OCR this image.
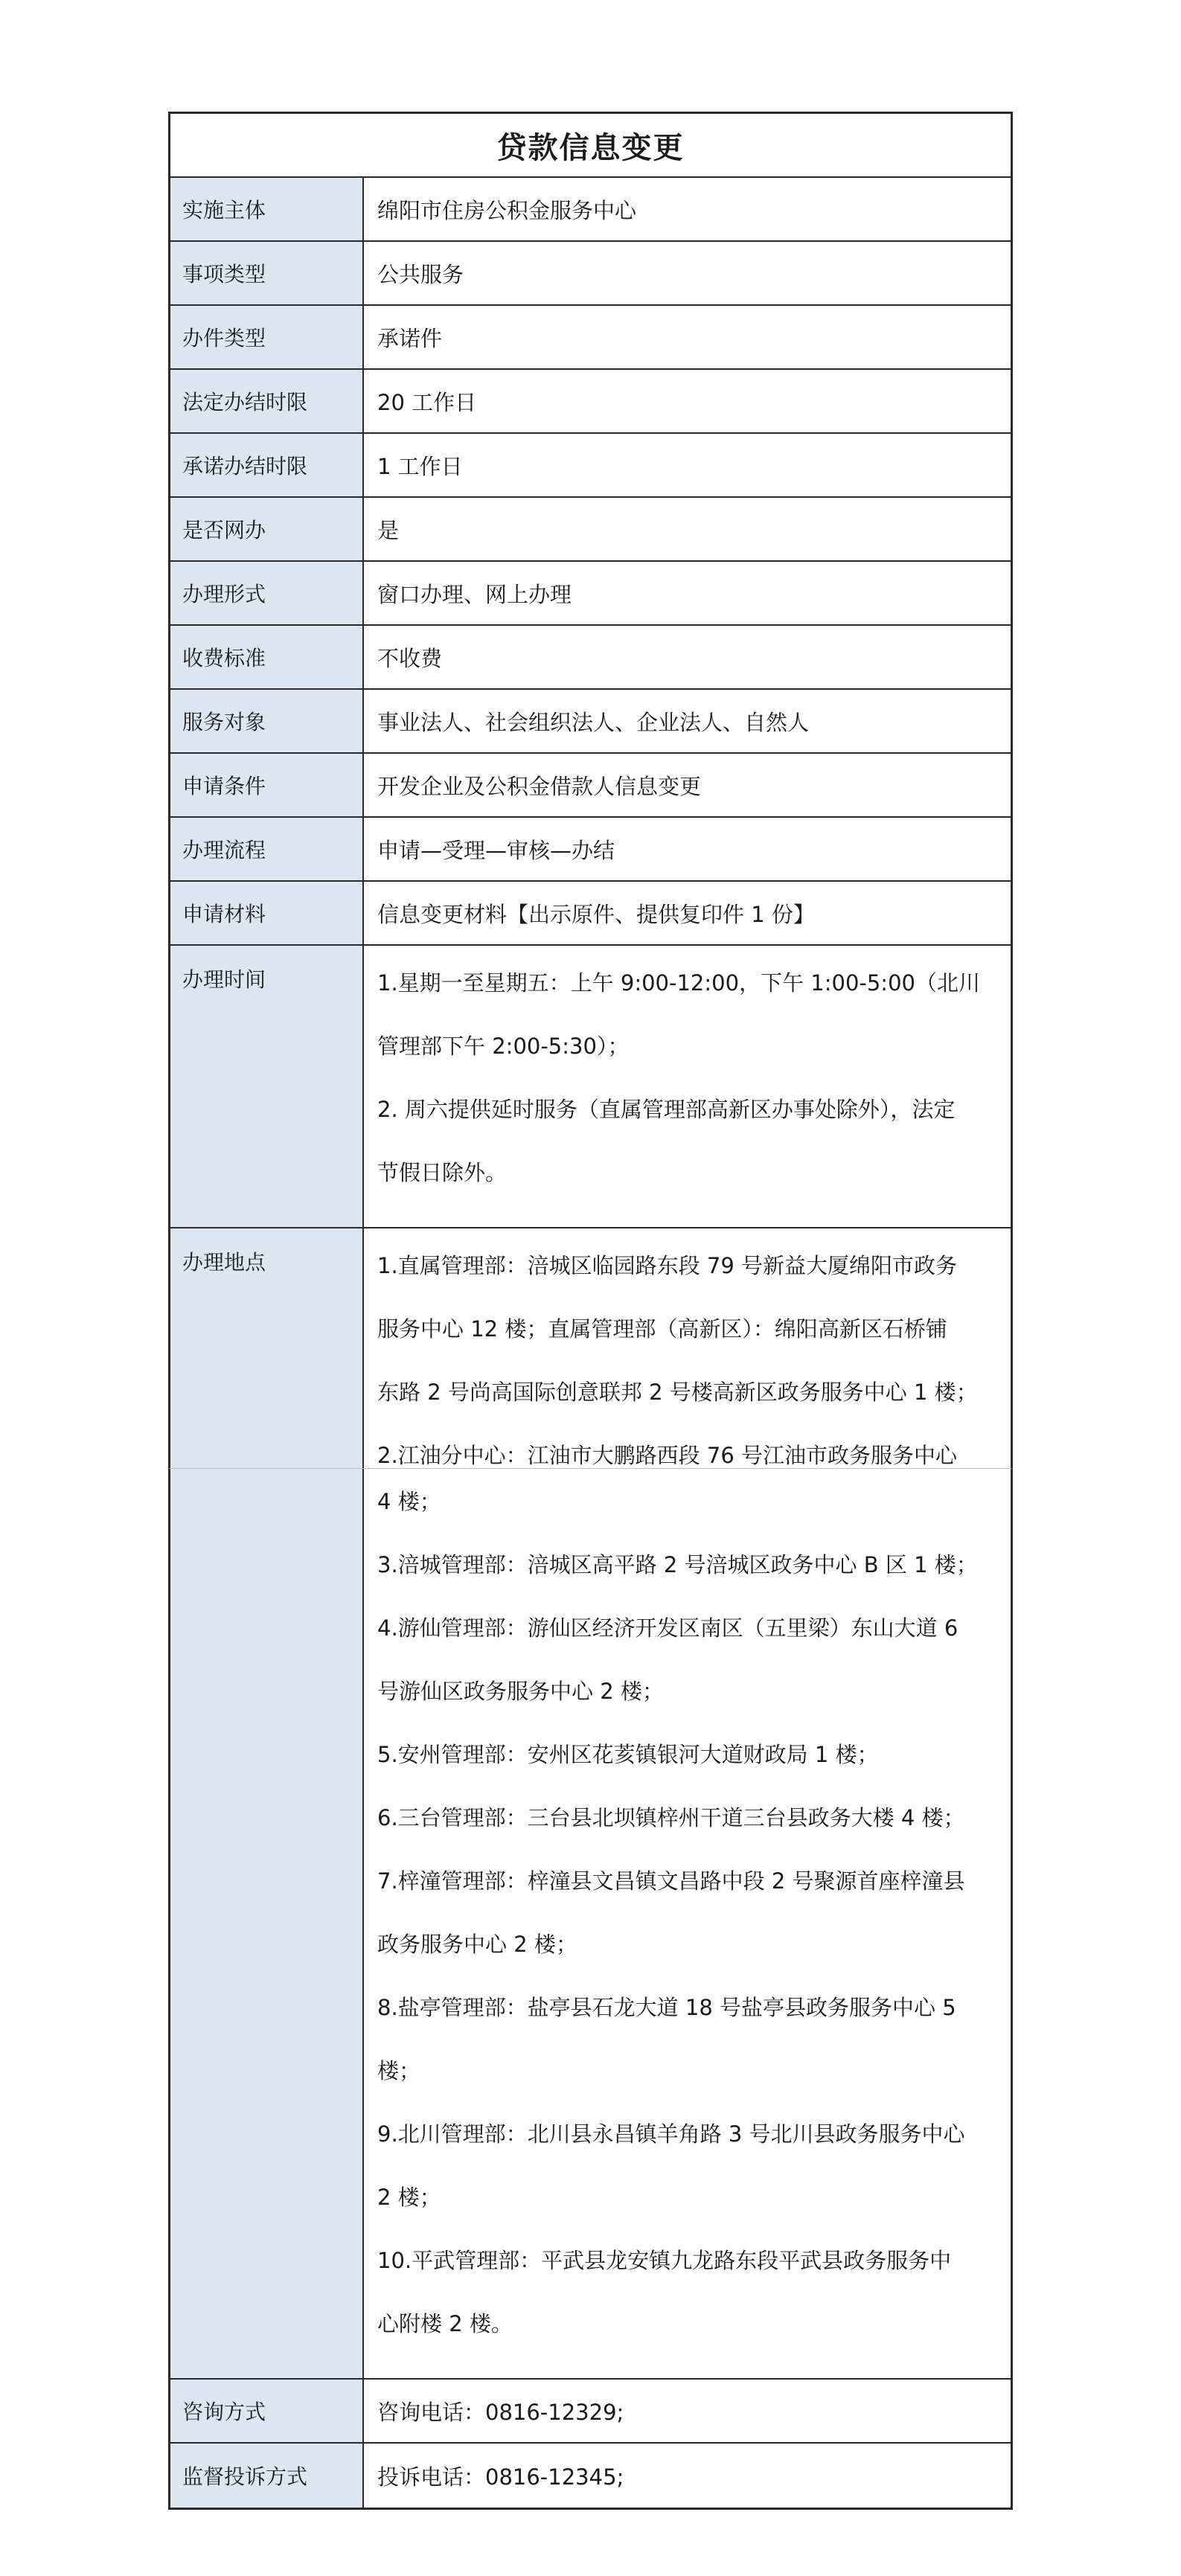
贷款信息变更
实施主体	绵阳市住房公积金服务中心
事项类型	公共服务
办件类型	承诺件
法定办结时限	20 工作日
承诺办结时限	1 工作日
是否网办	是
办理形式	窗口办理、网上办理
收费标准	不收费
服务对象	事业法人、社会组织法人、企业法人、自然人
申请条件	开发企业及公积金借款人信息变更
办理流程	申请—受理—审核—办结
申请材料	信息变更材料【出示原件、提供复印件 1 份】
办理时间	1.星期一至星期五：上午 9:00-12:00，下午 1:00-5:00（北川
管理部下午 2:00-5:30）；
2. 周六提供延时服务（直属管理部高新区办事处除外），法定
节假日除外。
办理地点	1.直属管理部：涪城区临园路东段 79 号新益大厦绵阳市政务
服务中心 12 楼；直属管理部（高新区）：绵阳高新区石桥铺
东路 2 号尚高国际创意联邦 2 号楼高新区政务服务中心 1 楼；
2.江油分中心：江油市大鹏路西段 76 号江油市政务服务中心
4 楼；
3.涪城管理部：涪城区高平路 2 号涪城区政务中心 B 区 1 楼；
4.游仙管理部：游仙区经济开发区南区（五里梁）东山大道 6
号游仙区政务服务中心 2 楼；
5.安州管理部：安州区花荄镇银河大道财政局 1 楼；
6.三台管理部：三台县北坝镇梓州干道三台县政务大楼 4 楼；
7.梓潼管理部：梓潼县文昌镇文昌路中段 2 号聚源首座梓潼县
政务服务中心 2 楼；
8.盐亭管理部：盐亭县石龙大道 18 号盐亭县政务服务中心 5
楼；
9.北川管理部：北川县永昌镇羊角路 3 号北川县政务服务中心
2 楼；
10.平武管理部：平武县龙安镇九龙路东段平武县政务服务中
心附楼 2 楼。
咨询方式	咨询电话：0816-12329;
监督投诉方式	投诉电话：0816-12345;
